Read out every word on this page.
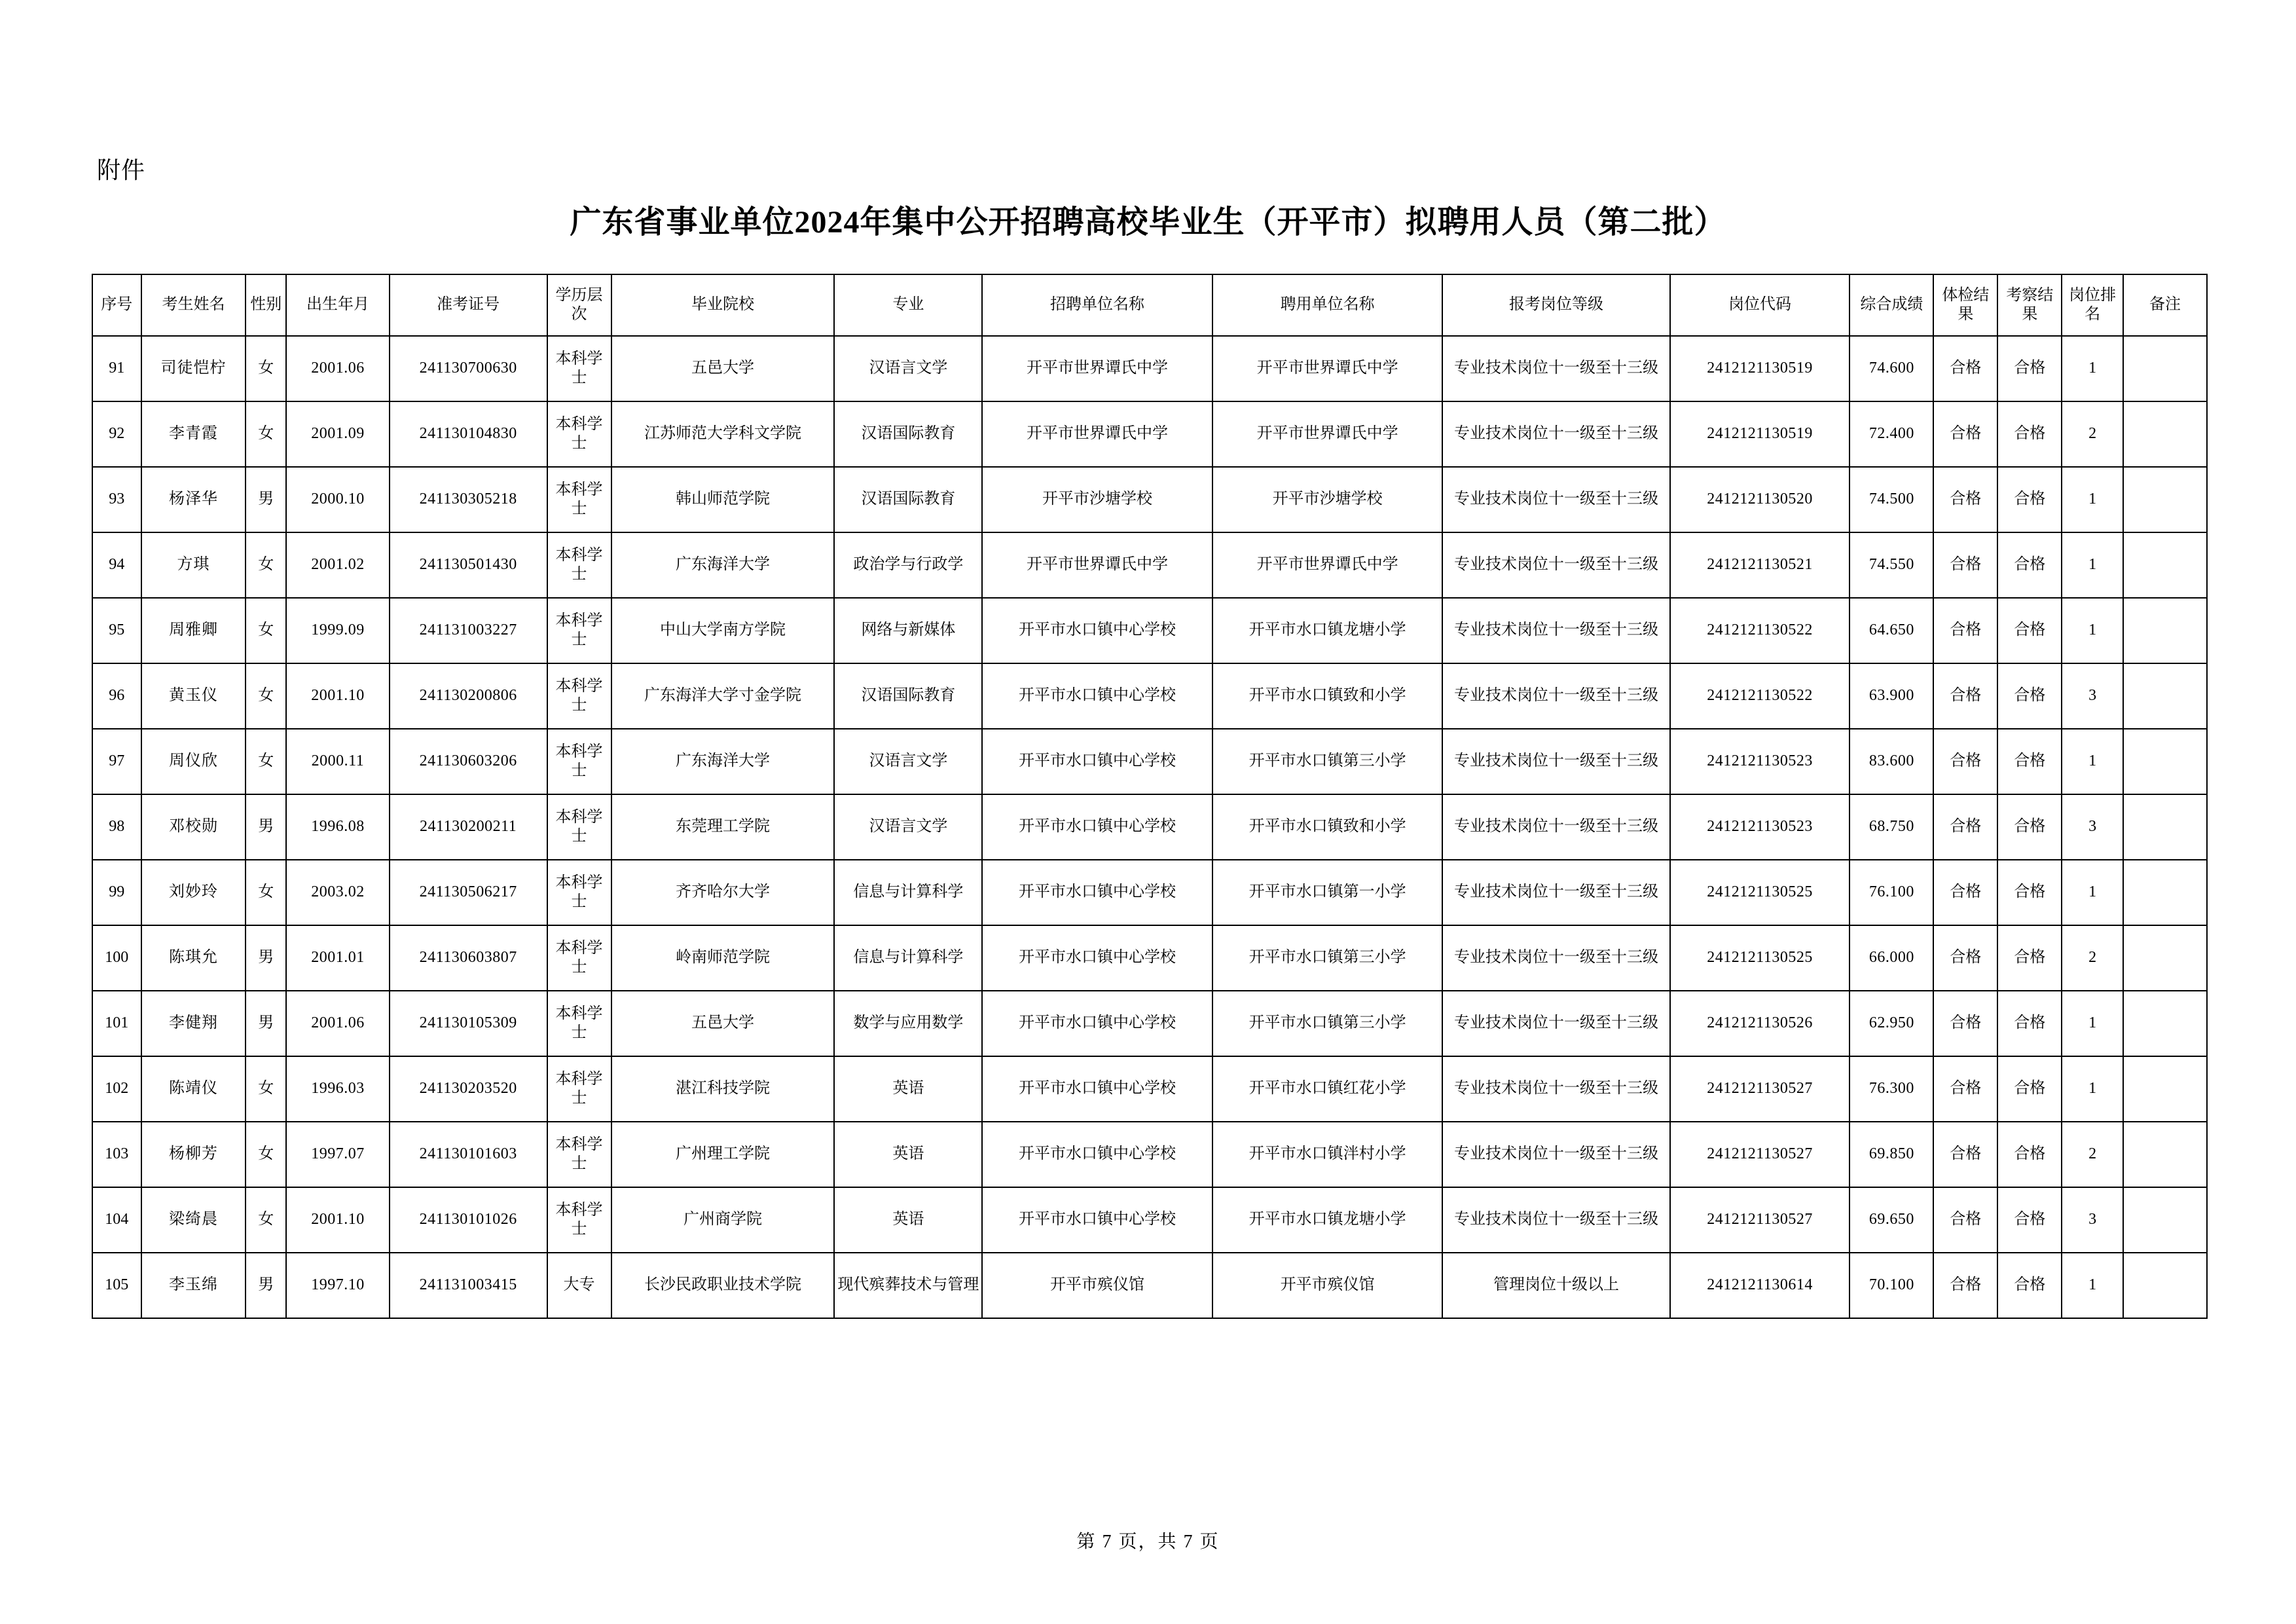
附件
广东省事业单位2024年集中公开招聘高校毕业生（开平市）拟聘用人员（第二批）
序号	考生姓名	性别	出生年月	准考证号	学历层次	毕业院校	专业	招聘单位名称	聘用单位名称	报考岗位等级	岗位代码	综合成绩	体检结果	考察结果	岗位排名	备注
91	司徒恺柠	女	2001.06	241130700630	本科学士	五邑大学	汉语言文学	开平市世界谭氏中学	开平市世界谭氏中学	专业技术岗位十一级至十三级	2412121130519	74.600	合格	合格	1	
92	李青霞	女	2001.09	241130104830	本科学士	江苏师范大学科文学院	汉语国际教育	开平市世界谭氏中学	开平市世界谭氏中学	专业技术岗位十一级至十三级	2412121130519	72.400	合格	合格	2	
93	杨泽华	男	2000.10	241130305218	本科学士	韩山师范学院	汉语国际教育	开平市沙塘学校	开平市沙塘学校	专业技术岗位十一级至十三级	2412121130520	74.500	合格	合格	1	
94	方琪	女	2001.02	241130501430	本科学士	广东海洋大学	政治学与行政学	开平市世界谭氏中学	开平市世界谭氏中学	专业技术岗位十一级至十三级	2412121130521	74.550	合格	合格	1	
95	周雅卿	女	1999.09	241131003227	本科学士	中山大学南方学院	网络与新媒体	开平市水口镇中心学校	开平市水口镇龙塘小学	专业技术岗位十一级至十三级	2412121130522	64.650	合格	合格	1	
96	黄玉仪	女	2001.10	241130200806	本科学士	广东海洋大学寸金学院	汉语国际教育	开平市水口镇中心学校	开平市水口镇致和小学	专业技术岗位十一级至十三级	2412121130522	63.900	合格	合格	3	
97	周仪欣	女	2000.11	241130603206	本科学士	广东海洋大学	汉语言文学	开平市水口镇中心学校	开平市水口镇第三小学	专业技术岗位十一级至十三级	2412121130523	83.600	合格	合格	1	
98	邓校勋	男	1996.08	241130200211	本科学士	东莞理工学院	汉语言文学	开平市水口镇中心学校	开平市水口镇致和小学	专业技术岗位十一级至十三级	2412121130523	68.750	合格	合格	3	
99	刘妙玲	女	2003.02	241130506217	本科学士	齐齐哈尔大学	信息与计算科学	开平市水口镇中心学校	开平市水口镇第一小学	专业技术岗位十一级至十三级	2412121130525	76.100	合格	合格	1	
100	陈琪允	男	2001.01	241130603807	本科学士	岭南师范学院	信息与计算科学	开平市水口镇中心学校	开平市水口镇第三小学	专业技术岗位十一级至十三级	2412121130525	66.000	合格	合格	2	
101	李健翔	男	2001.06	241130105309	本科学士	五邑大学	数学与应用数学	开平市水口镇中心学校	开平市水口镇第三小学	专业技术岗位十一级至十三级	2412121130526	62.950	合格	合格	1	
102	陈靖仪	女	1996.03	241130203520	本科学士	湛江科技学院	英语	开平市水口镇中心学校	开平市水口镇红花小学	专业技术岗位十一级至十三级	2412121130527	76.300	合格	合格	1	
103	杨柳芳	女	1997.07	241130101603	本科学士	广州理工学院	英语	开平市水口镇中心学校	开平市水口镇泮村小学	专业技术岗位十一级至十三级	2412121130527	69.850	合格	合格	2	
104	梁绮晨	女	2001.10	241130101026	本科学士	广州商学院	英语	开平市水口镇中心学校	开平市水口镇龙塘小学	专业技术岗位十一级至十三级	2412121130527	69.650	合格	合格	3	
105	李玉绵	男	1997.10	241131003415	大专	长沙民政职业技术学院	现代殡葬技术与管理	开平市殡仪馆	开平市殡仪馆	管理岗位十级以上	2412121130614	70.100	合格	合格	1	
第 7 页，共 7 页
